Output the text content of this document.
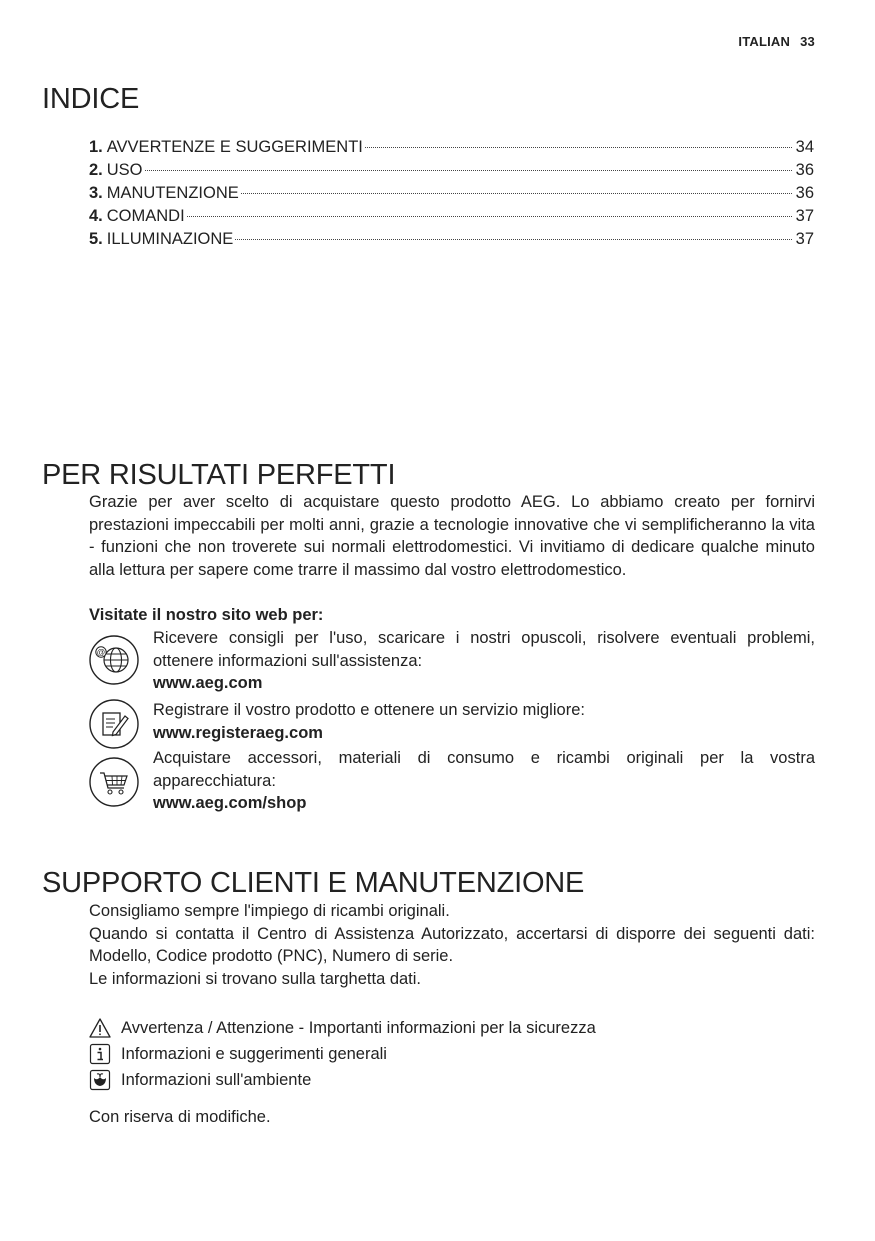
ITALIAN 33
INDICE
1. AVVERTENZE E SUGGERIMENTI	34
2. USO	36
3. MANUTENZIONE	36
4. COMANDI	37
5. ILLUMINAZIONE	37
PER RISULTATI PERFETTI

Grazie per aver scelto di acquistare questo prodotto AEG. Lo abbiamo creato per fornirvi prestazioni impeccabili per molti anni, grazie a tecnologie innovative che vi semplificheranno la vita - funzioni che non troverete sui normali elettrodomestici. Vi invitiamo di dedicare qualche minuto alla lettura per sapere come trarre il massimo dal vostro elettrodomestico.

Visitate il nostro sito web per:

@
Ricevere consigli per l'uso, scaricare i nostri opuscoli, risolvere eventuali problemi, ottenere informazioni sull'assistenza:
www.aeg.com
Registrare il vostro prodotto e ottenere un servizio migliore:
www.registeraeg.com
Acquistare accessori, materiali di consumo e ricambi originali per la vostra apparecchiatura:
www.aeg.com/shop
SUPPORTO CLIENTI E MANUTENZIONE
Consigliamo sempre l'impiego di ricambi originali.
Quando si contatta il Centro di Assistenza Autorizzato, accertarsi di disporre dei seguenti dati: Modello, Codice prodotto (PNC), Numero di serie.
Le informazioni si trovano sulla targhetta dati.
Avvertenza / Attenzione - Importanti informazioni per la sicurezza
Informazioni e suggerimenti generali
Informazioni sull'ambiente

Con riserva di modifiche.
